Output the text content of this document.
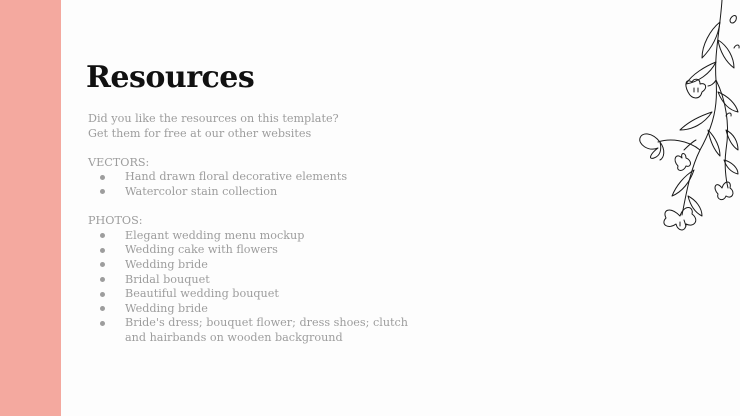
Resources
Did you like the resources on this template?
Get them for free at our other websites
VECTORS:
Hand drawn floral decorative elements
Watercolor stain collection
PHOTOS:
Elegant wedding menu mockup
Wedding cake with flowers
Wedding bride
Bridal bouquet
Beautiful wedding bouquet
Wedding bride
Bride's dress; bouquet flower; dress shoes; clutch and hairbands on wooden background
